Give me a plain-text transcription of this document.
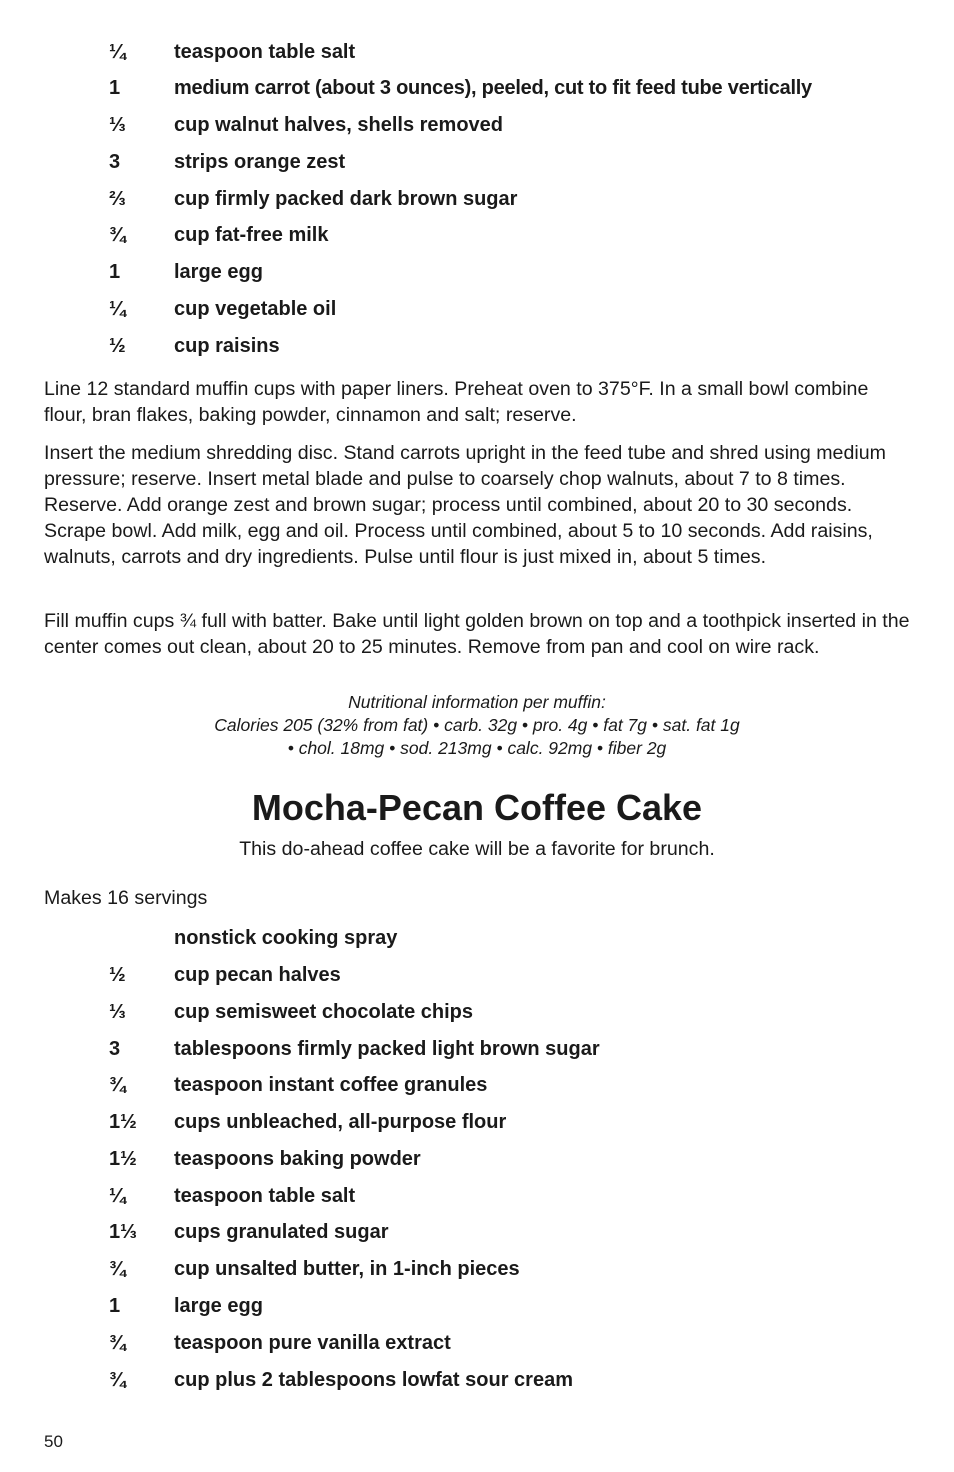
¼ teaspoon table salt
1	medium carrot (about 3 ounces), peeled, cut to fit feed tube vertically
⅓ cup walnut halves, shells removed
3	strips orange zest
⅔ cup firmly packed dark brown sugar
¾ cup fat-free milk
1	large egg
¼ cup vegetable oil
½ cup raisins

Line 12 standard muffin cups with paper liners. Preheat oven to 375°F. In a small bowl combine flour, bran flakes, baking powder, cinnamon and salt; reserve.

Insert the medium shredding disc. Stand carrots upright in the feed tube and shred using medium pressure; reserve. Insert metal blade and pulse to coarsely chop walnuts, about 7 to 8 times. Reserve. Add orange zest and brown sugar; process until combined, about 20 to 30 seconds. Scrape bowl. Add milk, egg and oil. Process until combined, about 5 to 10 seconds. Add raisins, walnuts, carrots and dry ingredients. Pulse until flour is just mixed in, about 5 times.

Fill muffin cups ¾ full with batter. Bake until light golden brown on top and a toothpick inserted in the center comes out clean, about 20 to 25 minutes. Remove from pan and cool on wire rack.

Nutritional information per muffin:
Calories 205 (32% from fat) • carb. 32g • pro. 4g • fat 7g • sat. fat 1g
• chol. 18mg • sod. 213mg • calc. 92mg • fiber 2g
Mocha-Pecan Coffee Cake
This do-ahead coffee cake will be a favorite for brunch.
Makes 16 servings
nonstick cooking spray
½ cup pecan halves
⅓ cup semisweet chocolate chips
3	tablespoons firmly packed light brown sugar
¾ teaspoon instant coffee granules
1½ cups unbleached, all-purpose flour
1½ teaspoons baking powder
¼ teaspoon table salt
1⅓ cups granulated sugar
¾ cup unsalted butter, in 1-inch pieces
1	large egg
¾ teaspoon pure vanilla extract
¾ cup plus 2 tablespoons lowfat sour cream
50
